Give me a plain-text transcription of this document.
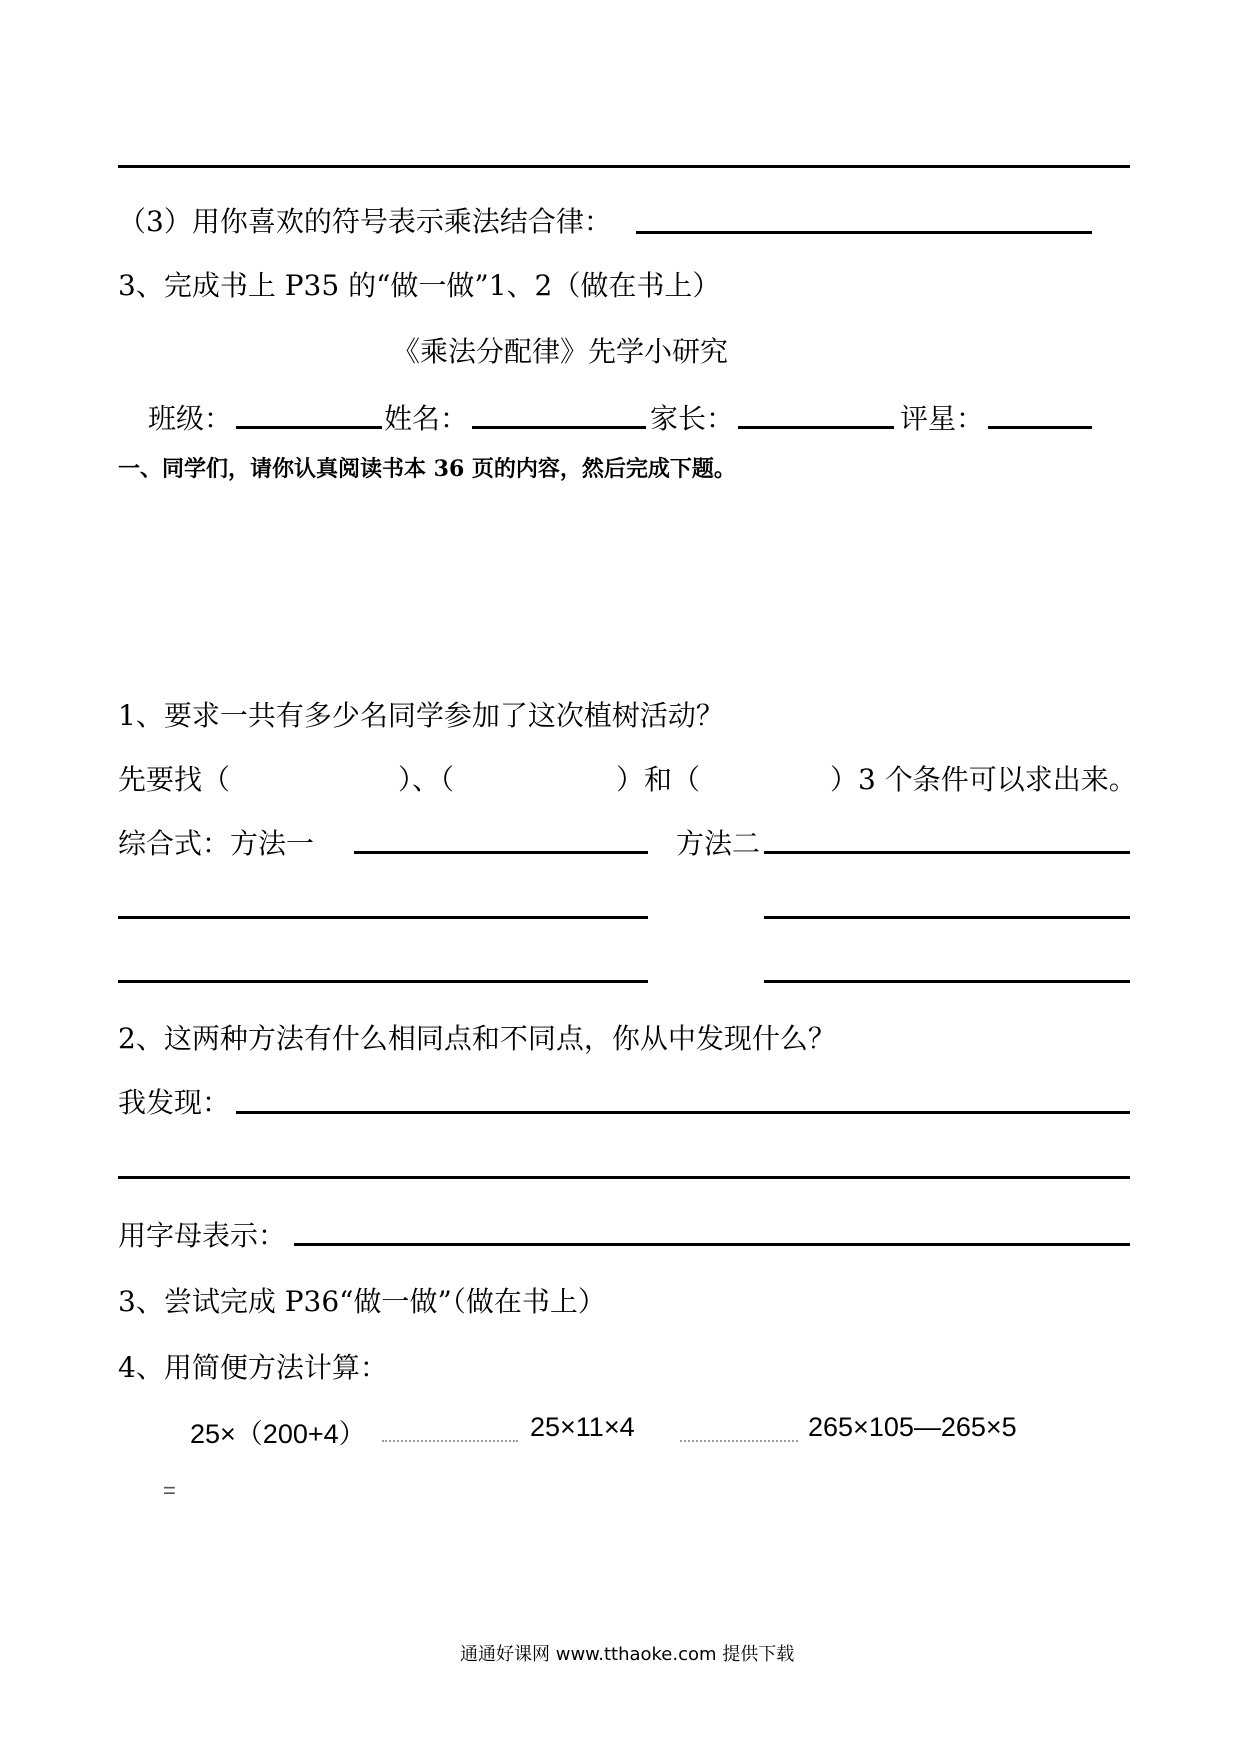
（3）用你喜欢的符号表示乘法结合律：
3、完成书上 P35 的“做一做”1、2（做在书上）
《乘法分配律》先学小研究
班级：	姓名：	家长：	评星：
一、同学们，请你认真阅读书本 36 页的内容，然后完成下题。
1、要求一共有多少名同学参加了这次植树活动？
先要找（	）、（	）和（	）3 个条件可以求出来。
综合式：方法一	方法二
2、这两种方法有什么相同点和不同点，你从中发现什么？
我发现：
用字母表示：
3、尝试完成 P36“做一做”（做在书上）
4、用简便方法计算：
25×（200+4）	25×11×4	265×105—265×5
=
通通好课网 www.tthaoke.com 提供下载
